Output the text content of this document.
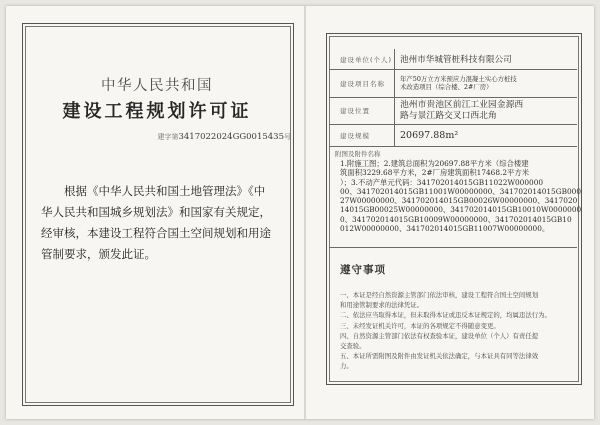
中华人民共和国
建设工程规划许可证
建字第3417022024GG0015435号
根据《中华人民共和国土地管理法》《中
华人民共和国城乡规划法》和国家有关规定，
经审核，本建设工程符合国土空间规划和用途
管制要求，颁发此证。
建设单位(个人) 池州市华城管桩科技有限公司
建设项目名称
年产50万立方米预应力混凝土实心方桩技
术改造项目（综合楼、2#厂房）
建设位置
池州市贵池区前江工业园金源西
路与景江路交叉口西北角
建设规模	20697.88m²
附图及附件名称
1.附施工图；2.建筑总面积为20697.88平方米（综合楼建
筑面积3229.68平方米，2#厂房建筑面积17468.2平方米
）；3.不动产单元代码：341702014015GB11022W000000
00、341702014015GB11001W00000000、341702014015GB000
27W00000000、341702014015GB00026W00000000、3417020
14015GB00025W00000000、341702014015GB10010W0000000
0、341702014015GB10009W00000000、341702014015GB10
012W00000000、341702014015GB11007W00000000。
遵守事项
一、本证是经自然资源主管部门依法审核，建设工程符合国土空间规划
和用途管制要求的法律凭证。
二、依法应当取得本证，但未取得本证或违反本证规定的，均属违法行为。
三、未经发证机关许可，本证的各项规定不得随意变更。
四、自然资源主管部门依法有权查验本证，建设单位（个人）有责任提
交查验。
五、本证所需附图及附件由发证机关依法确定，与本证具有同等法律效
力。
